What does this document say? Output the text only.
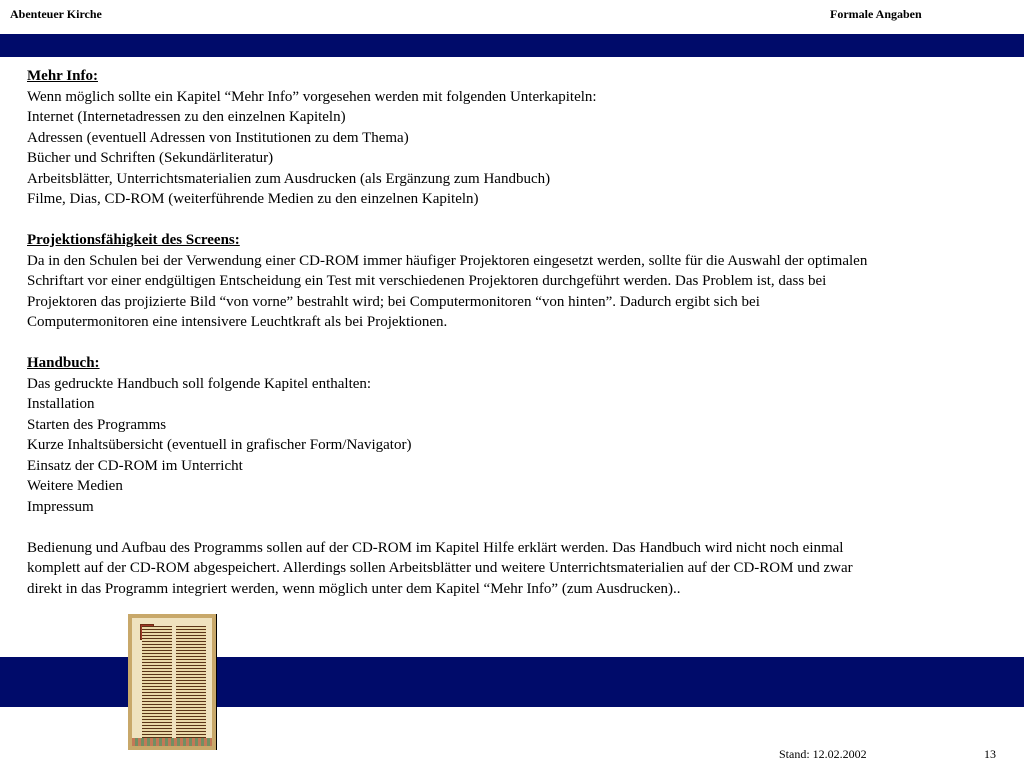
Abenteuer Kirche	Formale Angaben
Mehr Info:
Wenn möglich sollte ein Kapitel “Mehr Info” vorgesehen werden mit folgenden Unterkapiteln:
Internet (Internetadressen zu den einzelnen Kapiteln)
Adressen (eventuell Adressen von Institutionen zu dem Thema)
Bücher und Schriften (Sekundärliteratur)
Arbeitsblätter, Unterrichtsmaterialien zum Ausdrucken (als Ergänzung zum Handbuch)
Filme, Dias, CD-ROM (weiterführende Medien zu den einzelnen Kapiteln)
Projektionsfähigkeit des Screens:
Da in den Schulen bei der Verwendung einer CD-ROM immer häufiger Projektoren eingesetzt werden, sollte für die Auswahl der optimalen
Schriftart vor einer endgültigen Entscheidung ein Test mit verschiedenen Projektoren durchgeführt werden. Das Problem ist, dass bei
Projektoren das projizierte Bild “von vorne” bestrahlt wird; bei Computermonitoren “von hinten”. Dadurch ergibt sich bei
Computermonitoren eine intensivere Leuchtkraft als bei Projektionen.
Handbuch:
Das gedruckte Handbuch soll folgende Kapitel enthalten:
Installation
Starten des Programms
Kurze Inhaltsübersicht (eventuell in grafischer Form/Navigator)
Einsatz der CD-ROM im Unterricht
Weitere Medien
Impressum
Bedienung und Aufbau des Programms sollen auf der CD-ROM im Kapitel Hilfe erklärt werden. Das Handbuch wird nicht noch einmal
komplett auf der CD-ROM abgespeichert. Allerdings sollen Arbeitsblätter und weitere Unterrichtsmaterialien auf der CD-ROM und zwar
direkt in das Programm integriert werden, wenn möglich unter dem Kapitel “Mehr Info” (zum Ausdrucken)..
Stand: 12.02.2002	13
